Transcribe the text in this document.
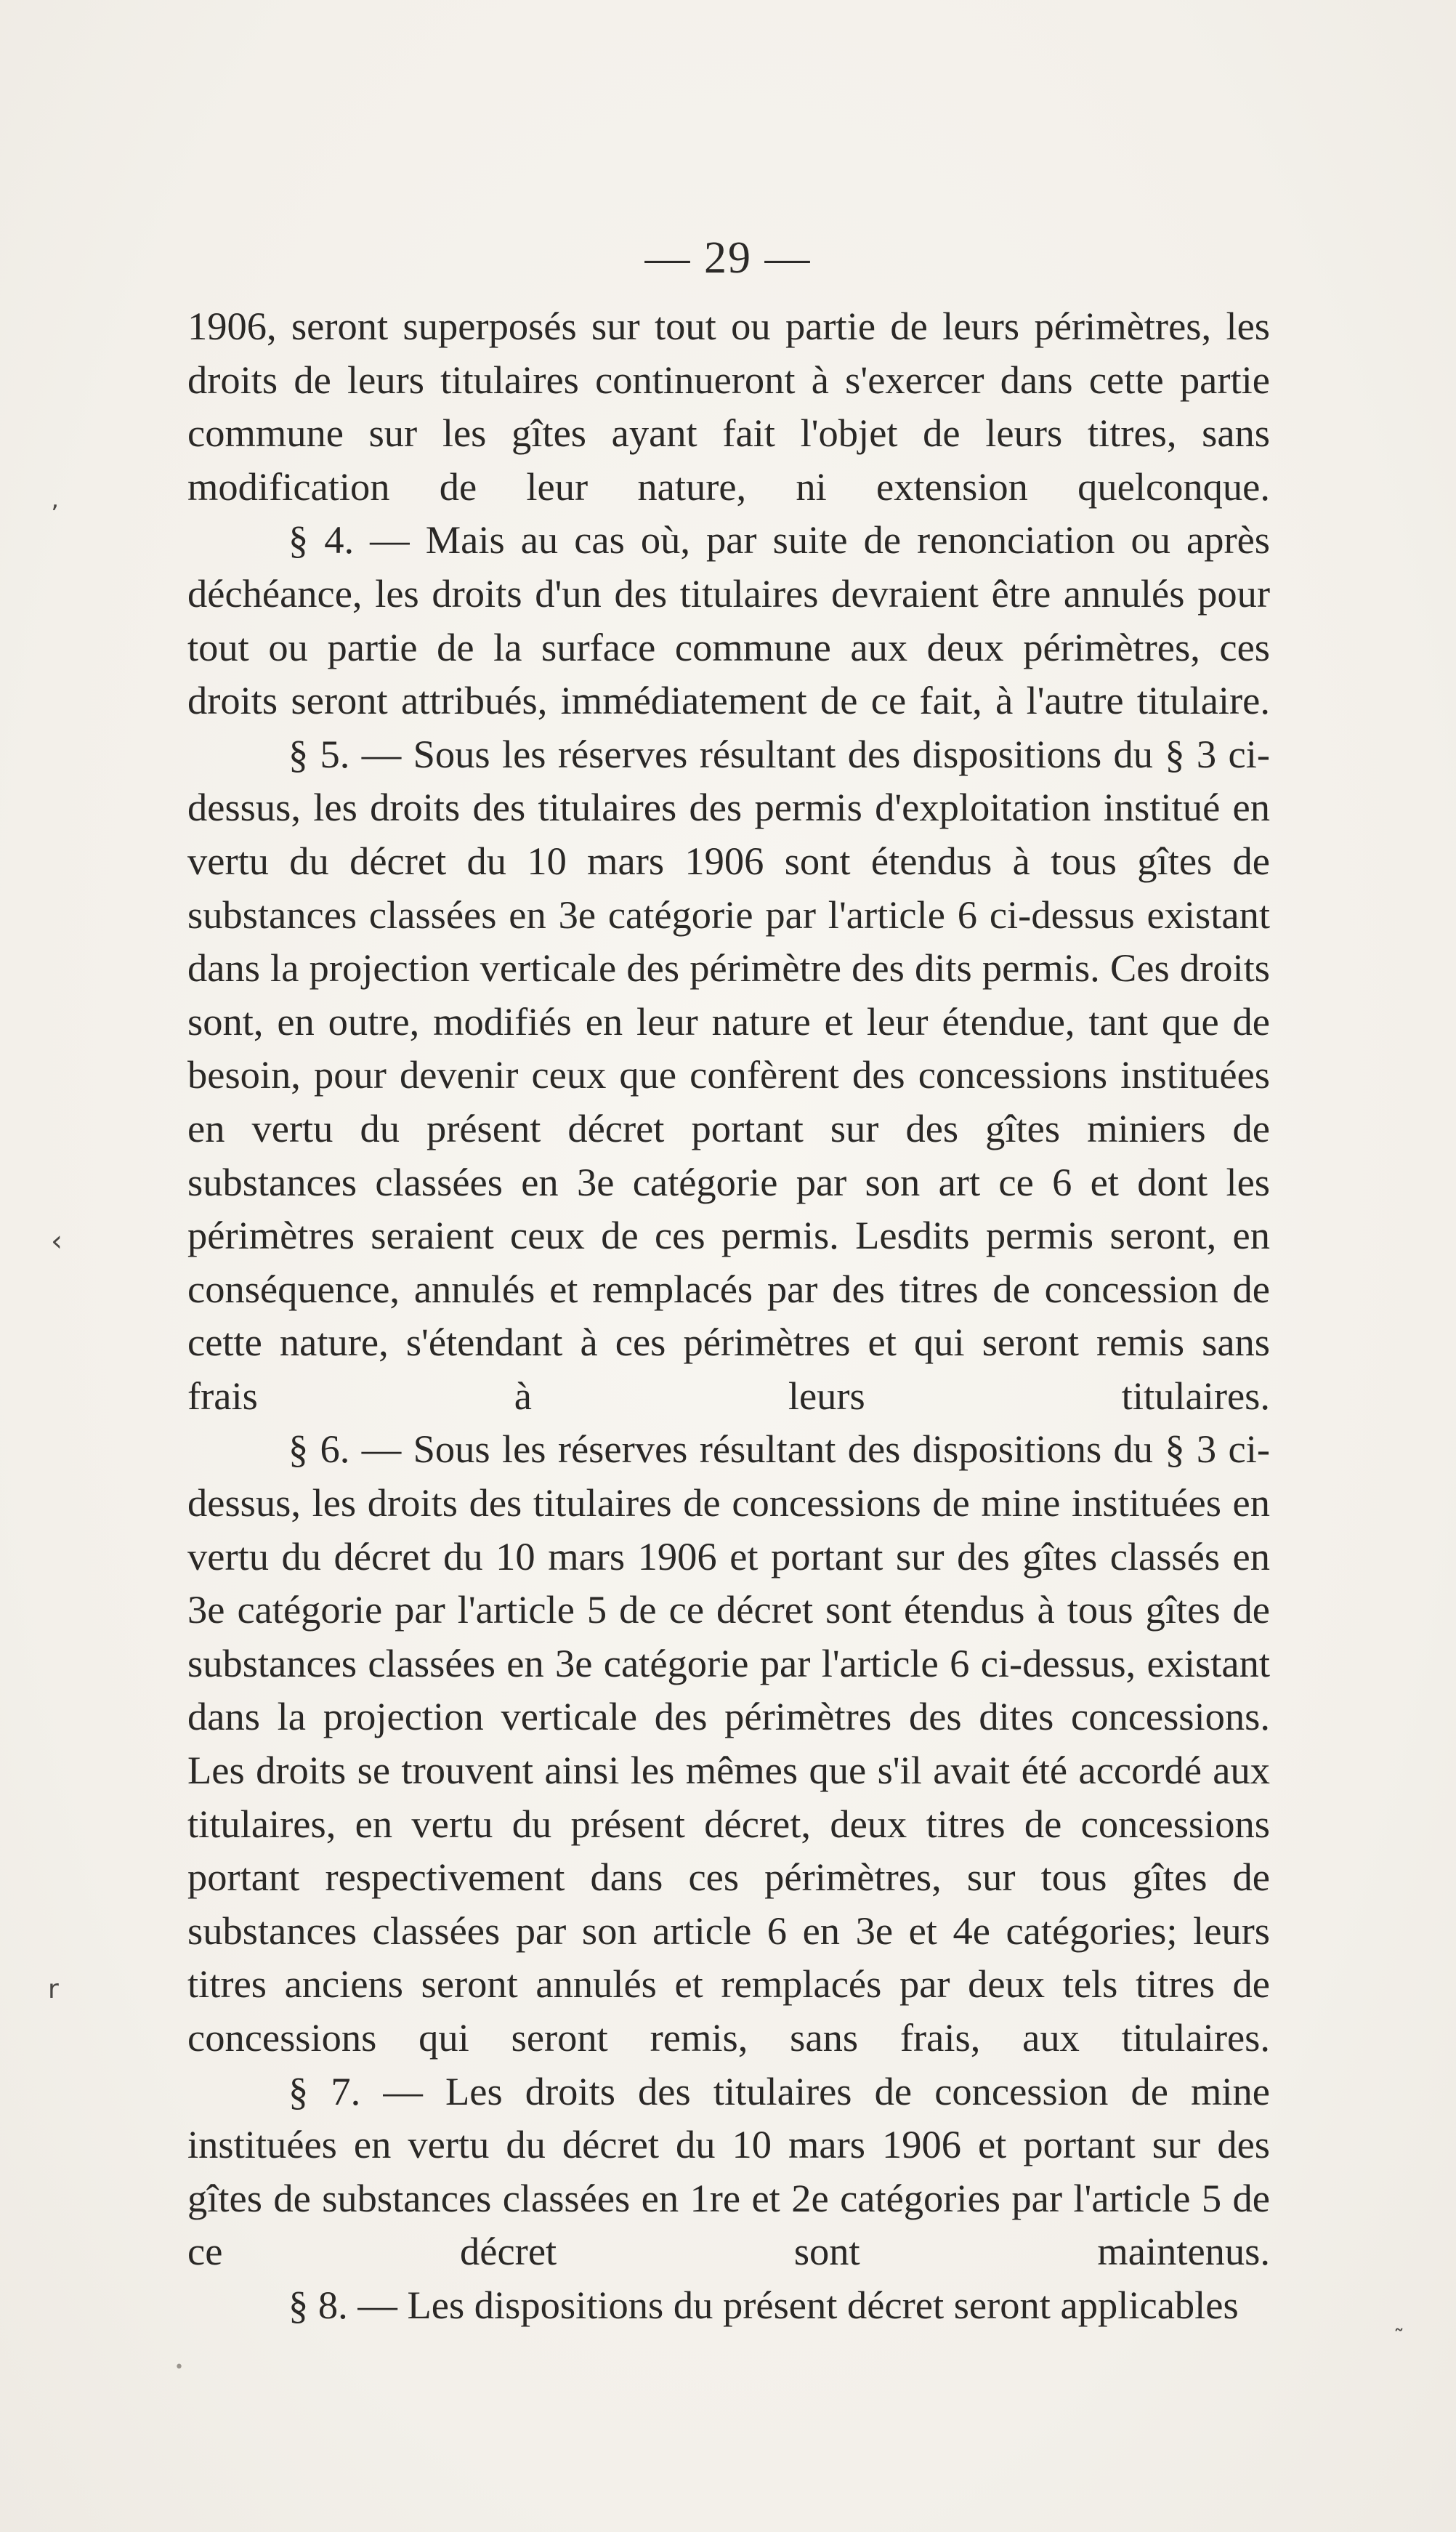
— 29 —

1906, seront superposés sur tout ou partie de leurs périmètres, les droits de leurs titulaires continueront à s'exercer dans cette partie commune sur les gîtes ayant fait l'objet de leurs titres, sans modification de leur nature, ni extension quelconque.

§ 4. — Mais au cas où, par suite de renonciation ou après déchéance, les droits d'un des titulaires devraient être annulés pour tout ou partie de la surface commune aux deux périmètres, ces droits seront attribués, immédiatement de ce fait, à l'autre titulaire.

§ 5. — Sous les réserves résultant des dispositions du § 3 ci-dessus, les droits des titulaires des permis d'exploitation institué en vertu du décret du 10 mars 1906 sont étendus à tous gîtes de substances classées en 3e catégorie par l'article 6 ci-dessus existant dans la projection verticale des périmètre des dits permis. Ces droits sont, en outre, modifiés en leur nature et leur étendue, tant que de besoin, pour devenir ceux que confèrent des concessions instituées en vertu du présent décret portant sur des gîtes miniers de substances classées en 3e catégorie par son art ce 6 et dont les périmètres seraient ceux de ces permis. Lesdits permis seront, en conséquence, annulés et remplacés par des titres de concession de cette nature, s'étendant à ces périmètres et qui seront remis sans frais à leurs titulaires.

§ 6. — Sous les réserves résultant des dispositions du § 3 ci-dessus, les droits des titulaires de concessions de mine instituées en vertu du décret du 10 mars 1906 et portant sur des gîtes classés en 3e catégorie par l'article 5 de ce décret sont étendus à tous gîtes de substances classées en 3e catégorie par l'article 6 ci-dessus, existant dans la projection verticale des périmètres des dites concessions. Les droits se trouvent ainsi les mêmes que s'il avait été accordé aux titulaires, en vertu du présent décret, deux titres de concessions portant respectivement dans ces périmètres, sur tous gîtes de substances classées par son article 6 en 3e et 4e catégories; leurs titres anciens seront annulés et remplacés par deux tels titres de concessions qui seront remis, sans frais, aux titulaires.

§ 7. — Les droits des titulaires de concession de mine instituées en vertu du décret du 10 mars 1906 et portant sur des gîtes de substances classées en 1re et 2e catégories par l'article 5 de ce décret sont maintenus.

§ 8. — Les dispositions du présent décret seront applicables

’
‹
r
˜
•
